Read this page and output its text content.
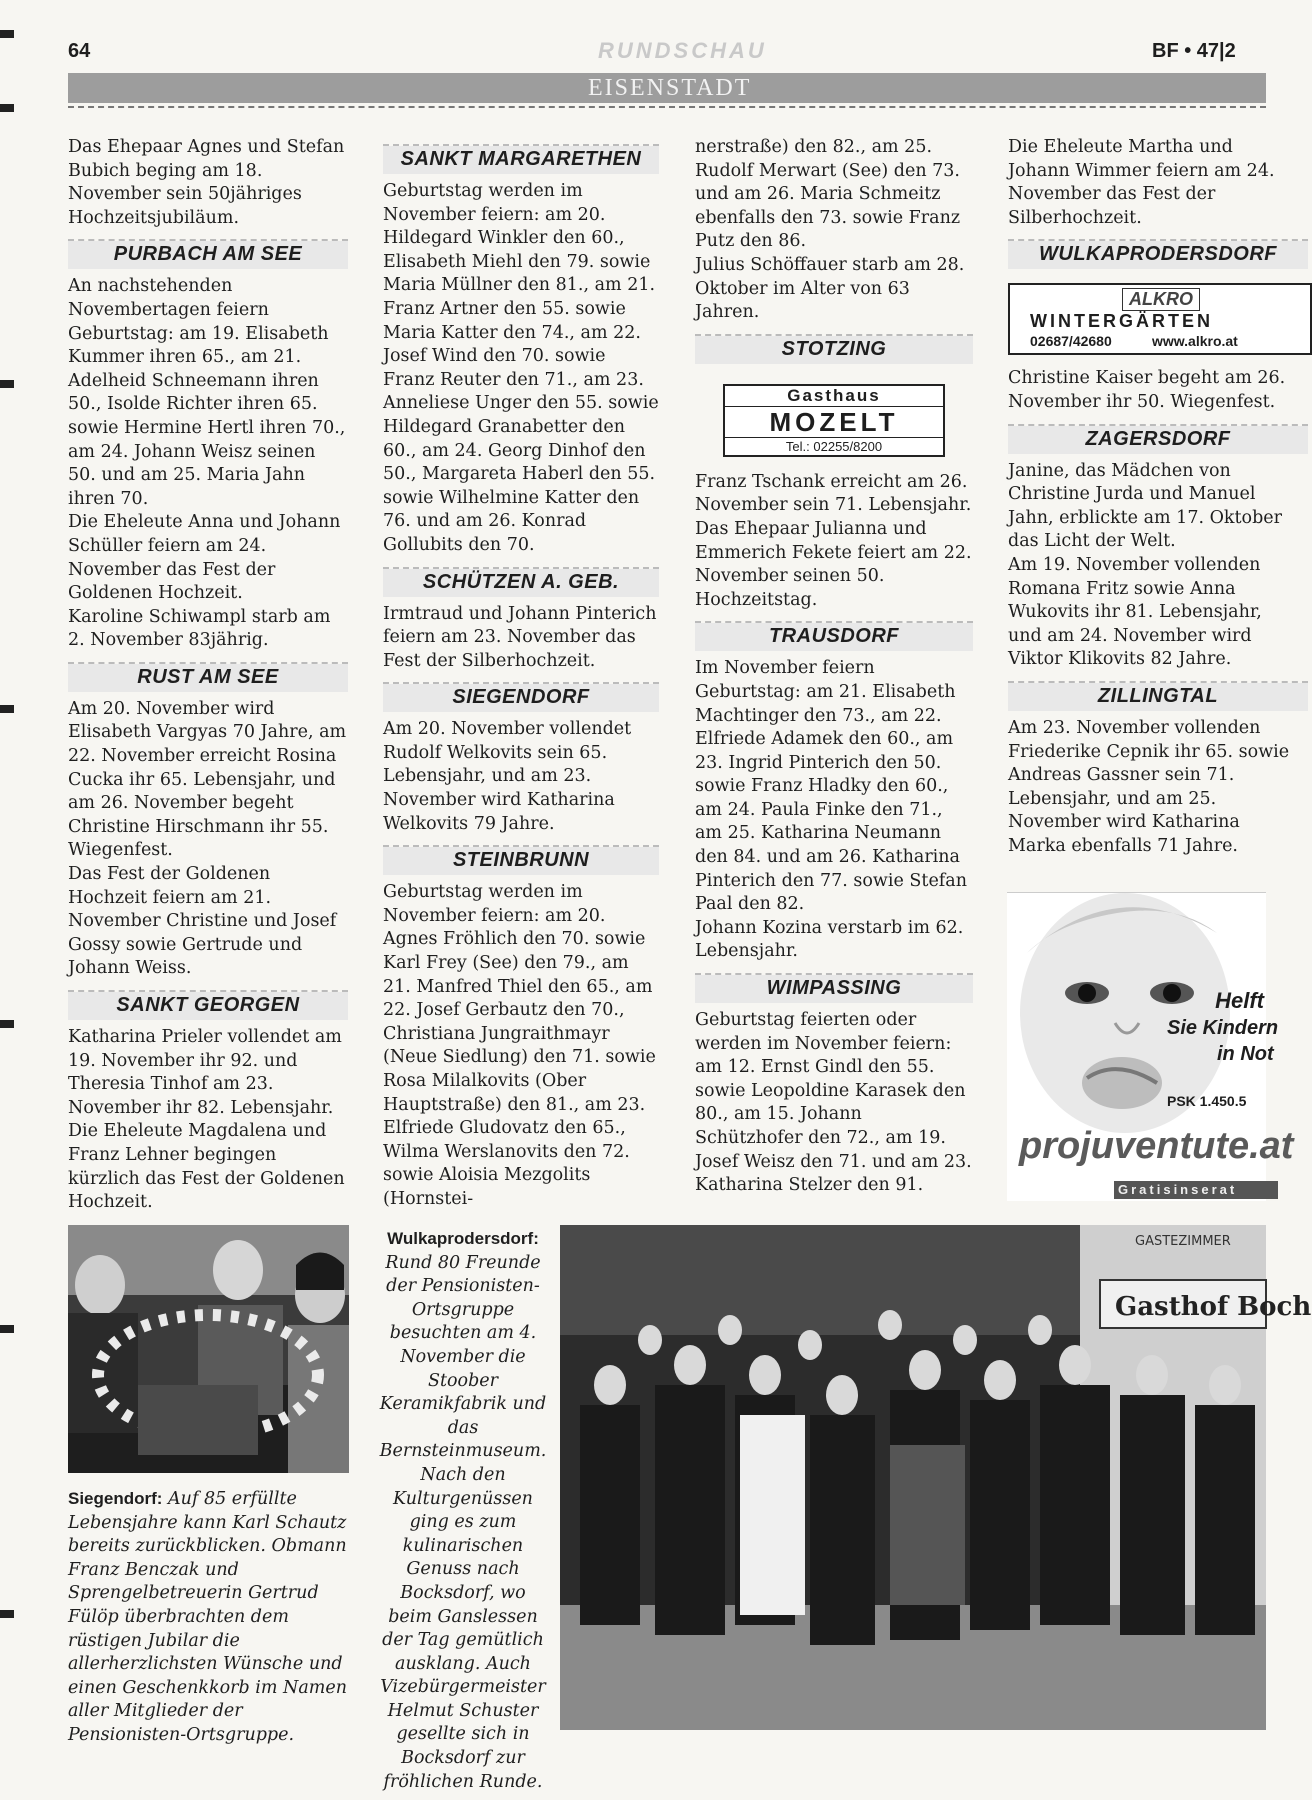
64	RUNDSCHAU	BF • 47|2
EISENSTADT

Das Ehepaar Agnes und Stefan Bubich beging am 18. November sein 50jähriges Hochzeitsjubiläum.

PURBACH AM SEE

An nachstehenden Novembertagen feiern Geburtstag: am 19. Elisabeth Kummer ihren 65., am 21. Adelheid Schneemann ihren 50., Isolde Richter ihren 65. sowie Hermine Hertl ihren 70., am 24. Johann Weisz seinen 50. und am 25. Maria Jahn ihren 70.

Die Eheleute Anna und Johann Schüller feiern am 24. November das Fest der Goldenen Hochzeit.

Karoline Schiwampl starb am 2. November 83jährig.

RUST AM SEE

Am 20. November wird Elisabeth Vargyas 70 Jahre, am 22. November erreicht Rosina Cucka ihr 65. Lebensjahr, und am 26. November begeht Christine Hirschmann ihr 55. Wiegenfest.

Das Fest der Goldenen Hochzeit feiern am 21. November Christine und Josef Gossy sowie Gertrude und Johann Weiss.

SANKT GEORGEN

Katharina Prieler vollendet am 19. November ihr 92. und Theresia Tinhof am 23. November ihr 82. Lebensjahr.

Die Eheleute Magdalena und Franz Lehner begingen kürzlich das Fest der Goldenen Hochzeit.

SANKT MARGARETHEN

Geburtstag werden im November feiern: am 20. Hildegard Winkler den 60., Elisabeth Miehl den 79. sowie Maria Müllner den 81., am 21. Franz Artner den 55. sowie Maria Katter den 74., am 22. Josef Wind den 70. sowie Franz Reuter den 71., am 23. Anneliese Unger den 55. sowie Hildegard Granabetter den 60., am 24. Georg Dinhof den 50., Margareta Haberl den 55. sowie Wilhelmine Katter den 76. und am 26. Konrad Gollubits den 70.

SCHÜTZEN A. GEB.

Irmtraud und Johann Pinterich feiern am 23. November das Fest der Silberhochzeit.

SIEGENDORF

Am 20. November vollendet Rudolf Welkovits sein 65. Lebensjahr, und am 23. November wird Katharina Welkovits 79 Jahre.

STEINBRUNN

Geburtstag werden im November feiern: am 20. Agnes Fröhlich den 70. sowie Karl Frey (See) den 79., am 21. Manfred Thiel den 65., am 22. Josef Gerbautz den 70., Christiana Jungraithmayr (Neue Siedlung) den 71. sowie Rosa Milalkovits (Ober Hauptstraße) den 81., am 23. Elfriede Gludovatz den 65., Wilma Werslanovits den 72. sowie Aloisia Mezgolits (Hornstei-

nerstraße) den 82., am 25. Rudolf Merwart (See) den 73. und am 26. Maria Schmeitz ebenfalls den 73. sowie Franz Putz den 86.

Julius Schöffauer starb am 28. Oktober im Alter von 63 Jahren.

STOTZING
Gasthaus
MOZELT
Tel.: 02255/8200

Franz Tschank erreicht am 26. November sein 71. Lebensjahr.

Das Ehepaar Julianna und Emmerich Fekete feiert am 22. November seinen 50. Hochzeitstag.

TRAUSDORF

Im November feiern Geburtstag: am 21. Elisabeth Machtinger den 73., am 22. Elfriede Adamek den 60., am 23. Ingrid Pinterich den 50. sowie Franz Hladky den 60., am 24. Paula Finke den 71., am 25. Katharina Neumann den 84. und am 26. Katharina Pinterich den 77. sowie Stefan Paal den 82.

Johann Kozina verstarb im 62. Lebensjahr.

WIMPASSING

Geburtstag feierten oder werden im November feiern: am 12. Ernst Gindl den 55. sowie Leopoldine Karasek den 80., am 15. Johann Schützhofer den 72., am 19. Josef Weisz den 71. und am 23. Katharina Stelzer den 91.

Die Eheleute Martha und Johann Wimmer feiern am 24. November das Fest der Silberhochzeit.

WULKAPRODERSDORF
ALKRO
WINTERGÄRTEN
02687/42680	www.alkro.at

Christine Kaiser begeht am 26. November ihr 50. Wiegenfest.

ZAGERSDORF

Janine, das Mädchen von Christine Jurda und Manuel Jahn, erblickte am 17. Oktober das Licht der Welt.

Am 19. November vollenden Romana Fritz sowie Anna Wukovits ihr 81. Lebensjahr, und am 24. November wird Viktor Klikovits 82 Jahre.

ZILLINGTAL

Am 23. November vollenden Friederike Cepnik ihr 65. sowie Andreas Gassner sein 71. Lebensjahr, und am 25. November wird Katharina Marka ebenfalls 71 Jahre.

Helft
Sie Kindern
in Not
PSK 1.450.5
projuventute.at
Gratisinserat
Siegendorf: Auf 85 erfüllte Lebensjahre kann Karl Schautz bereits zurückblicken. Obmann Franz Benczak und Sprengelbetreuerin Gertrud Fülöp überbrachten dem rüstigen Jubilar die allerherzlichsten Wünsche und einen Geschenkkorb im Namen aller Mitglieder der Pensionisten-Ortsgruppe.
Wulkaprodersdorf: Rund 80 Freunde der Pensionisten-Ortsgruppe besuchten am 4. November die Stoober Keramikfabrik und das Bernsteinmuseum. Nach den Kulturgenüssen ging es zum kulinarischen Genuss nach Bocksdorf, wo beim Ganslessen der Tag gemütlich ausklang. Auch Vizebürgermeister Helmut Schuster gesellte sich in Bocksdorf zur fröhlichen Runde.
Gasthof Boch
GASTEZIMMER
